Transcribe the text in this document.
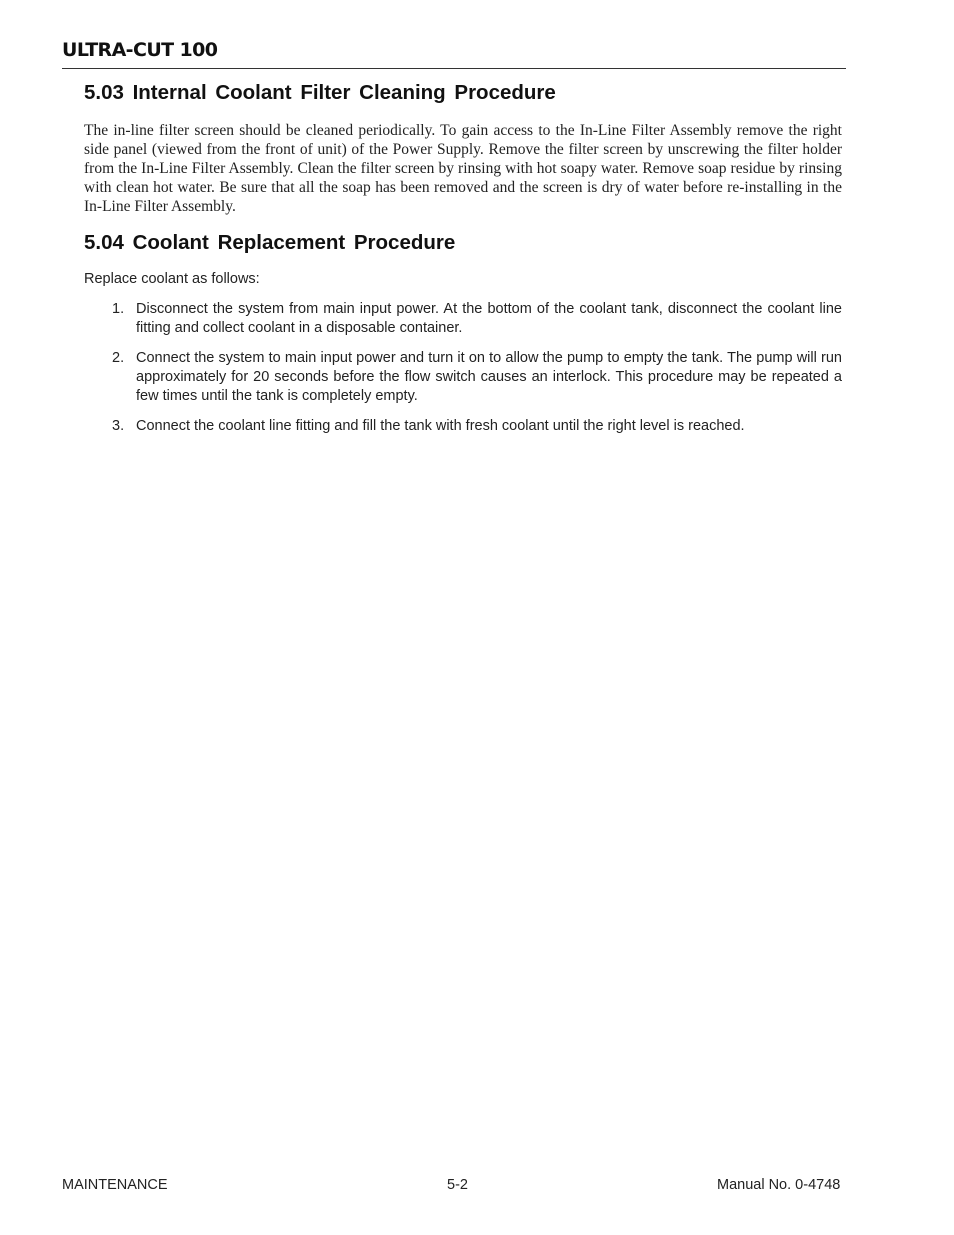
ULTRA-CUT 100
5.03 Internal Coolant Filter Cleaning Procedure

The in-line filter screen should be cleaned periodically. To gain access to the In-Line Filter Assembly remove the right side panel (viewed from the front of unit) of the Power Supply. Remove the filter screen by unscrewing the filter holder from the In-Line Filter Assembly. Clean the filter screen by rinsing with hot soapy water. Remove soap residue by rinsing with clean hot water. Be sure that all the soap has been removed and the screen is dry of water before re-installing in the In-Line Filter Assembly.

5.04 Coolant Replacement Procedure

Replace coolant as follows:

1. Disconnect the system from main input power. At the bottom of the coolant tank, disconnect the coolant line fitting and collect coolant in a disposable container.
2. Connect the system to main input power and turn it on to allow the pump to empty the tank. The pump will run approximately for 20 seconds before the flow switch causes an interlock. This procedure may be repeated a few times until the tank is completely empty.
3. Connect the coolant line fitting and fill the tank with fresh coolant until the right level is reached.
MAINTENANCE	5-2	Manual No. 0-4748
